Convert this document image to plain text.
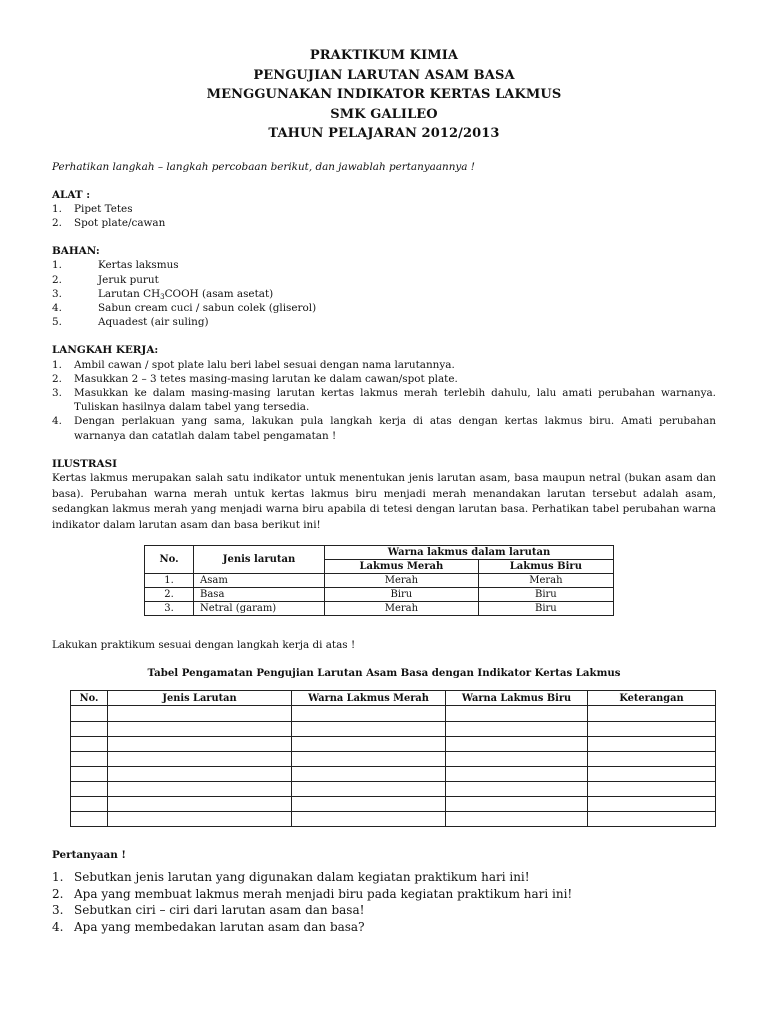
PRAKTIKUM KIMIA
PENGUJIAN LARUTAN ASAM BASA
MENGGUNAKAN INDIKATOR KERTAS LAKMUS
SMK GALILEO
TAHUN PELAJARAN 2012/2013
Perhatikan langkah – langkah percobaan berikut, dan jawablah pertanyaannya !
ALAT :
1.	Pipet Tetes
2.	Spot plate/cawan
BAHAN:
1.	Kertas laksmus
2.	Jeruk purut
3.	Larutan $CH_3COOH$ (asam asetat)
4.	Sabun cream cuci / sabun colek (gliserol)
5.	Aquadest (air suling)
LANGKAH KERJA:
1.	Ambil cawan / spot plate lalu beri label sesuai dengan nama larutannya.
2.	Masukkan 2 – 3 tetes masing-masing larutan ke dalam cawan/spot plate.
3.	Masukkan ke dalam masing-masing larutan kertas lakmus merah terlebih dahulu, lalu amati perubahan warnanya. Tuliskan hasilnya dalam tabel yang tersedia.
4.	Dengan perlakuan yang sama, lakukan pula langkah kerja di atas dengan kertas lakmus biru. Amati perubahan warnanya dan catatlah dalam tabel pengamatan !
ILUSTRASI
Kertas lakmus merupakan salah satu indikator untuk menentukan jenis larutan asam, basa maupun netral (bukan asam dan basa). Perubahan warna merah untuk kertas lakmus biru menjadi merah menandakan larutan tersebut adalah asam, sedangkan lakmus merah yang menjadi warna biru apabila di tetesi dengan larutan basa. Perhatikan tabel perubahan warna indikator dalam larutan asam dan basa berikut ini!
No.	Jenis larutan	Warna lakmus dalam larutan	
		Lakmus Merah	Lakmus Biru
1.	Asam	Merah	Merah
2.	Basa	Biru	Biru
3.	Netral (garam)	Merah	Biru
Lakukan praktikum sesuai dengan langkah kerja di atas !
Tabel Pengamatan Pengujian Larutan Asam Basa dengan Indikator Kertas Lakmus
No.	Jenis Larutan	Warna Lakmus Merah	Warna Lakmus Biru	Keterangan

Pertanyaan !
1. Sebutkan jenis larutan yang digunakan dalam kegiatan praktikum hari ini!
2. Apa yang membuat lakmus merah menjadi biru pada kegiatan praktikum hari ini!
3. Sebutkan ciri – ciri dari larutan asam dan basa!
4. Apa yang membedakan larutan asam dan basa?
